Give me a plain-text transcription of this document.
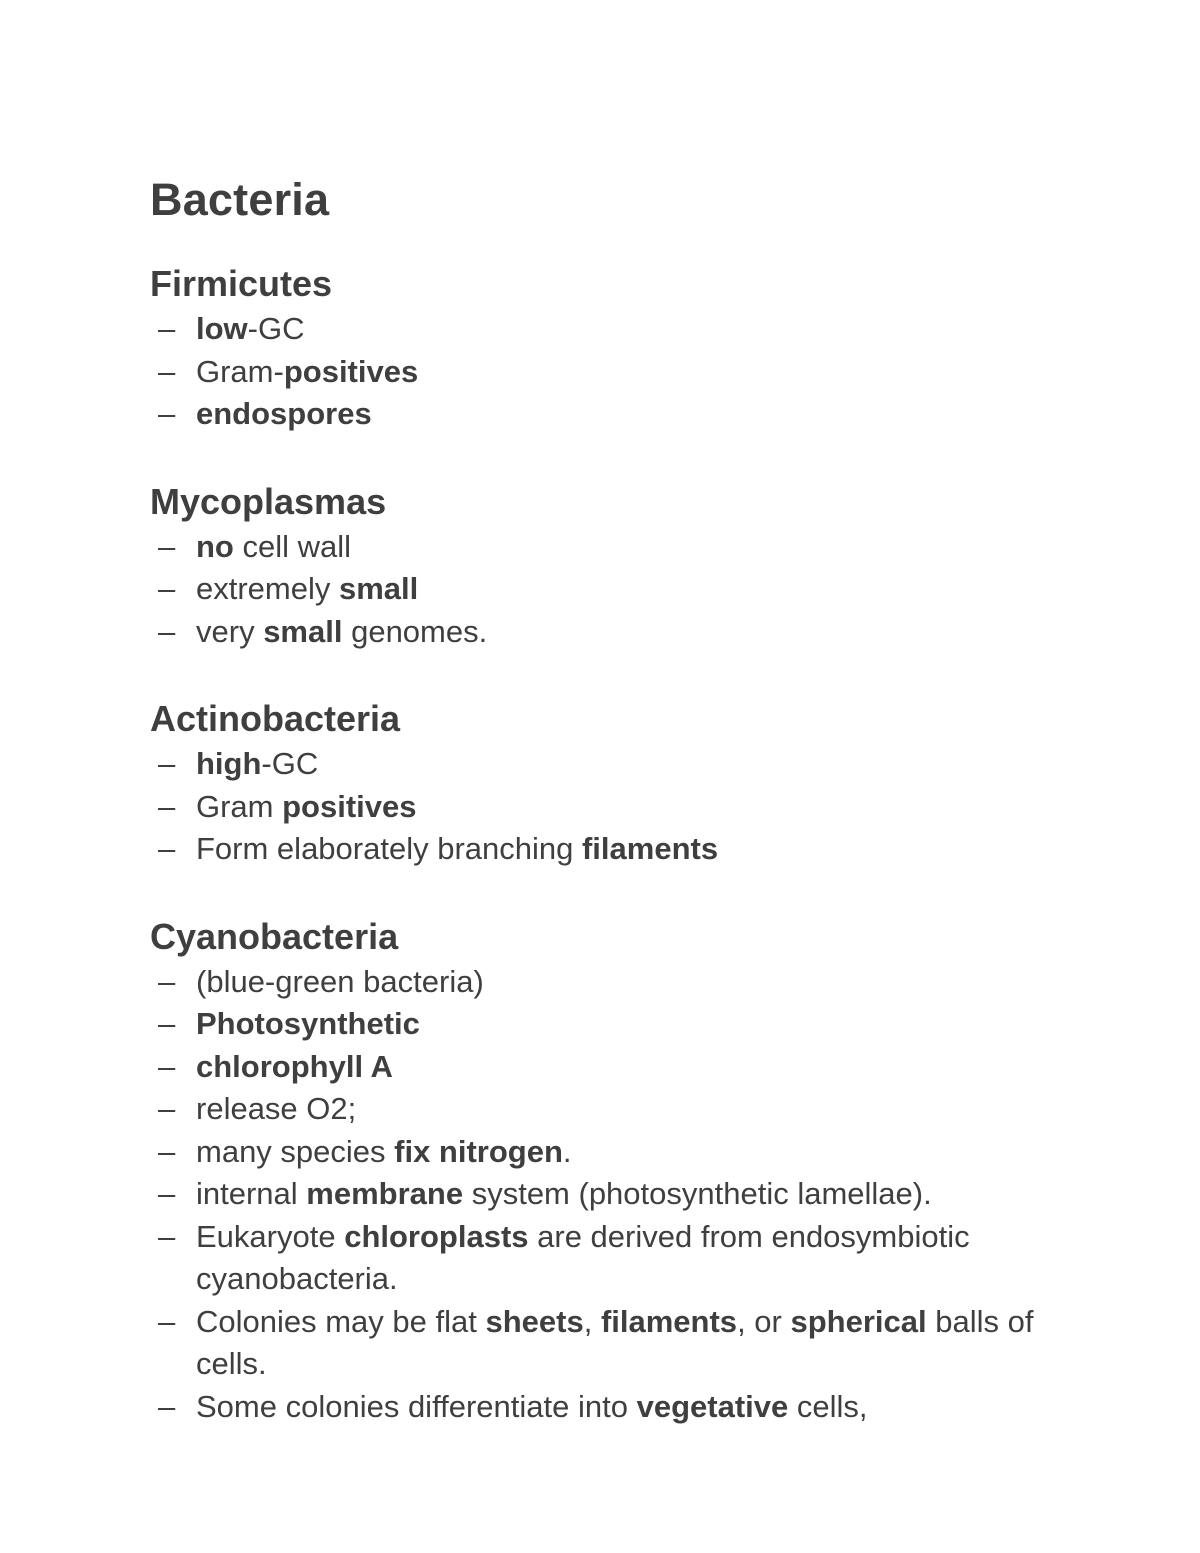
Bacteria
Firmicutes
– low-GC
– Gram-positives
– endospores
Mycoplasmas
– no cell wall
– extremely small
– very small genomes.
Actinobacteria
– high-GC
– Gram positives
– Form elaborately branching filaments
Cyanobacteria
– (blue-green bacteria)
– Photosynthetic
– chlorophyll A
– release O2;
– many species fix nitrogen.
– internal membrane system (photosynthetic lamellae).
– Eukaryote chloroplasts are derived from endosymbiotic cyanobacteria.
– Colonies may be flat sheets, filaments, or spherical balls of cells.
– Some colonies differentiate into vegetative cells,
